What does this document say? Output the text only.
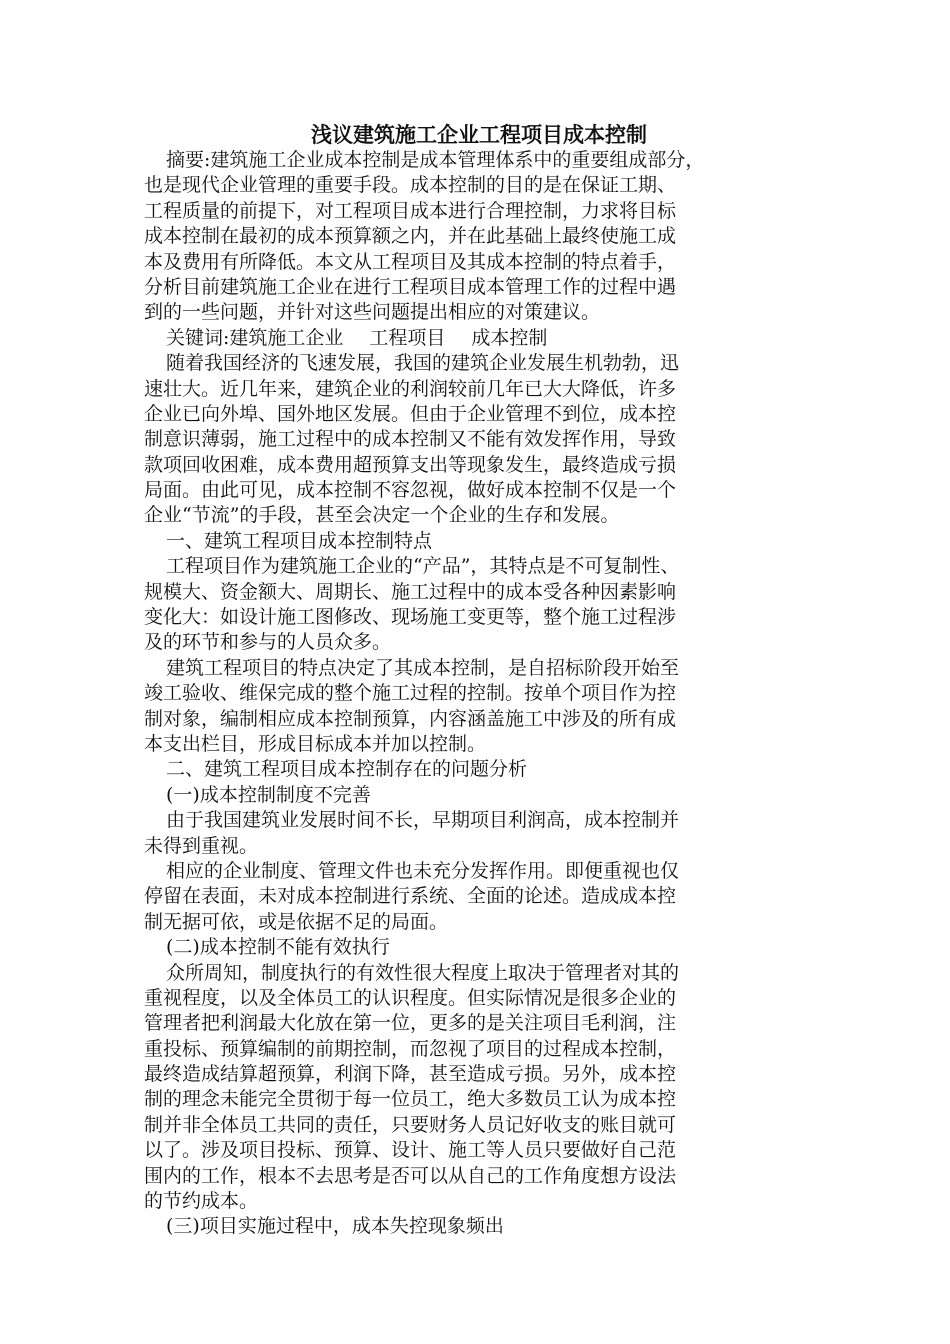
浅议建筑施工企业工程项目成本控制
摘要:建筑施工企业成本控制是成本管理体系中的重要组成部分，
也是现代企业管理的重要手段。成本控制的目的是在保证工期、
工程质量的前提下，对工程项目成本进行合理控制，力求将目标
成本控制在最初的成本预算额之内，并在此基础上最终使施工成
本及费用有所降低。本文从工程项目及其成本控制的特点着手，
分析目前建筑施工企业在进行工程项目成本管理工作的过程中遇
到的一些问题，并针对这些问题提出相应的对策建议。
关键词:建筑施工企业 工程项目 成本控制
随着我国经济的飞速发展，我国的建筑企业发展生机勃勃，迅
速壮大。近几年来，建筑企业的利润较前几年已大大降低，许多
企业已向外埠、国外地区发展。但由于企业管理不到位，成本控
制意识薄弱，施工过程中的成本控制又不能有效发挥作用，导致
款项回收困难，成本费用超预算支出等现象发生，最终造成亏损
局面。由此可见，成本控制不容忽视，做好成本控制不仅是一个
企业“节流”的手段，甚至会决定一个企业的生存和发展。
一、建筑工程项目成本控制特点
工程项目作为建筑施工企业的“产品”，其特点是不可复制性、
规模大、资金额大、周期长、施工过程中的成本受各种因素影响
变化大：如设计施工图修改、现场施工变更等，整个施工过程涉
及的环节和参与的人员众多。
建筑工程项目的特点决定了其成本控制，是自招标阶段开始至
竣工验收、维保完成的整个施工过程的控制。按单个项目作为控
制对象，编制相应成本控制预算，内容涵盖施工中涉及的所有成
本支出栏目，形成目标成本并加以控制。
二、建筑工程项目成本控制存在的问题分析
(一)成本控制制度不完善
由于我国建筑业发展时间不长，早期项目利润高，成本控制并
未得到重视。
相应的企业制度、管理文件也未充分发挥作用。即便重视也仅
停留在表面，未对成本控制进行系统、全面的论述。造成成本控
制无据可依，或是依据不足的局面。
(二)成本控制不能有效执行
众所周知，制度执行的有效性很大程度上取决于管理者对其的
重视程度，以及全体员工的认识程度。但实际情况是很多企业的
管理者把利润最大化放在第一位，更多的是关注项目毛利润，注
重投标、预算编制的前期控制，而忽视了项目的过程成本控制，
最终造成结算超预算，利润下降，甚至造成亏损。另外，成本控
制的理念未能完全贯彻于每一位员工，绝大多数员工认为成本控
制并非全体员工共同的责任，只要财务人员记好收支的账目就可
以了。涉及项目投标、预算、设计、施工等人员只要做好自己范
围内的工作，根本不去思考是否可以从自己的工作角度想方设法
的节约成本。
(三)项目实施过程中，成本失控现象频出
